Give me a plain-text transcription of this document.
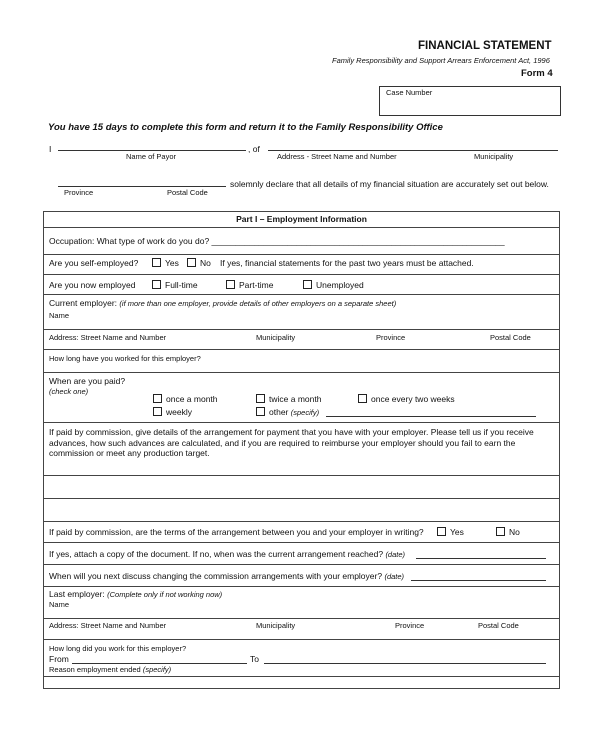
FINANCIAL STATEMENT
Family Responsibility and Support Arrears Enforcement Act, 1996
Form 4
Case Number
You have 15 days to complete this form and return it to the Family Responsibility Office
I	, of
Name of Payor	Address - Street Name and Number	Municipality
solemnly declare that all details of my financial situation are accurately set out below.
Province	Postal Code
Part I – Employment Information
Occupation: What type of work do you do? ______________________________________________________________
Are you self-employed?	Yes	No If yes, financial statements for the past two years must be attached.
Are you now employed	Full-time	Part-time	Unemployed
Current employer: (if more than one employer, provide details of other employers on a separate sheet)
Name
Address: Street Name and Number	Municipality	Province	Postal Code
How long have you worked for this employer?
When are you paid?
(check one)
once a month	twice a month	once every two weeks
weekly	other (specify)
If paid by commission, give details of the arrangement for payment that you have with your employer. Please tell us if you receive advances, how such advances are calculated, and if you are required to reimburse your employer should you fail to earn the commission or meet any production target.
If paid by commission, are the terms of the arrangement between you and your employer in writing?	Yes	No
If yes, attach a copy of the document. If no, when was the current arrangement reached? (date)
When will you next discuss changing the commission arrangements with your employer? (date)
Last employer: (Complete only if not working now)
Name
Address: Street Name and Number	Municipality	Province	Postal Code
How long did you work for this employer?
From	To
Reason employment ended (specify)
